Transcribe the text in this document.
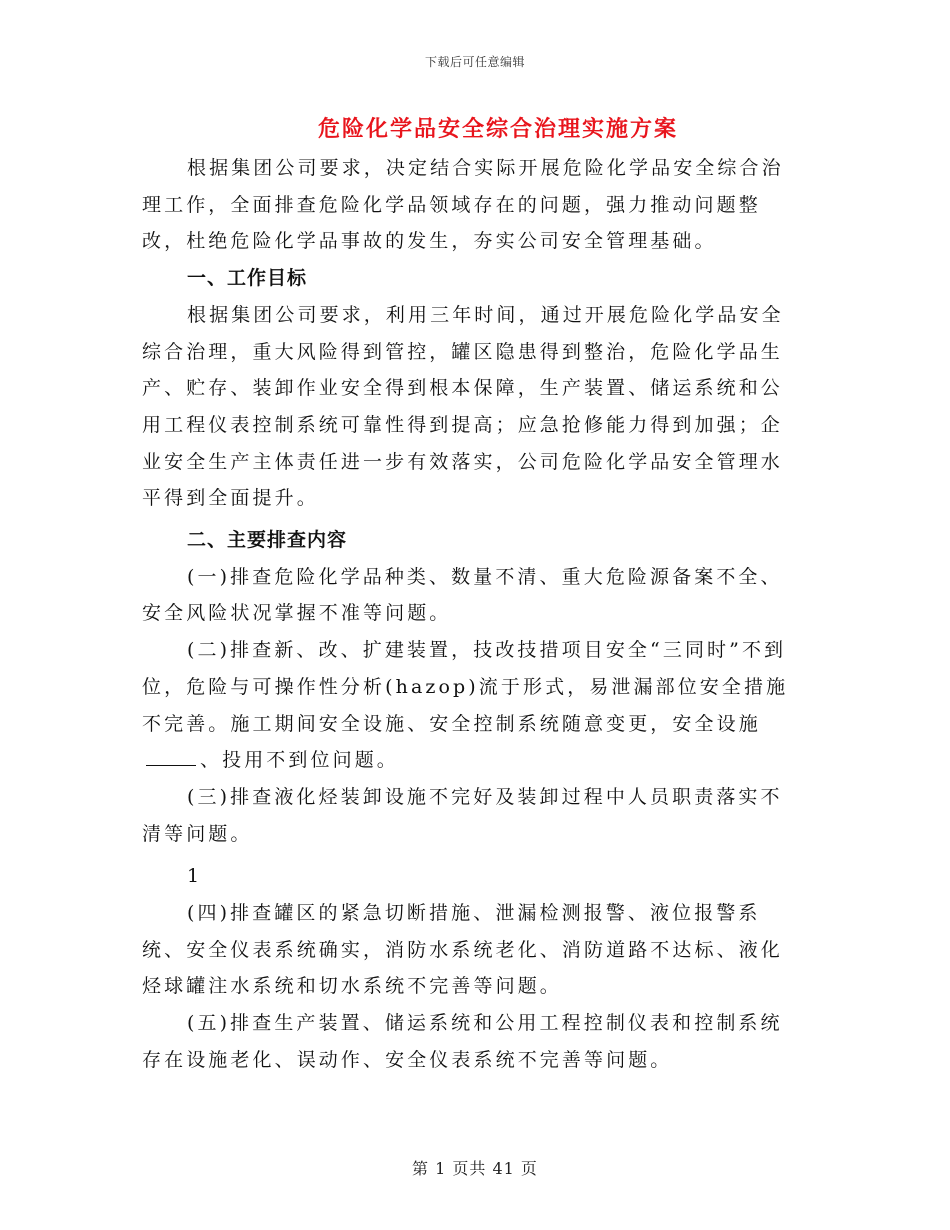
下载后可任意编辑
危险化学品安全综合治理实施方案

根据集团公司要求，决定结合实际开展危险化学品安全综合治理工作，全面排查危险化学品领域存在的问题，强力推动问题整改，杜绝危险化学品事故的发生，夯实公司安全管理基础。

一、工作目标

根据集团公司要求，利用三年时间，通过开展危险化学品安全综合治理，重大风险得到管控，罐区隐患得到整治，危险化学品生产、贮存、装卸作业安全得到根本保障，生产装置、储运系统和公用工程仪表控制系统可靠性得到提高；应急抢修能力得到加强；企业安全生产主体责任进一步有效落实，公司危险化学品安全管理水平得到全面提升。

二、主要排查内容

(一)排查危险化学品种类、数量不清、重大危险源备案不全、安全风险状况掌握不准等问题。

(二)排查新、改、扩建装置，技改技措项目安全“三同时”不到位，危险与可操作性分析(hazop)流于形式，易泄漏部位安全措施不完善。施工期间安全设施、安全控制系统随意变更，安全设施、投用不到位问题。

(三)排查液化烃装卸设施不完好及装卸过程中人员职责落实不清等问题。

1

(四)排查罐区的紧急切断措施、泄漏检测报警、液位报警系统、安全仪表系统确实，消防水系统老化、消防道路不达标、液化烃球罐注水系统和切水系统不完善等问题。

(五)排查生产装置、储运系统和公用工程控制仪表和控制系统存在设施老化、误动作、安全仪表系统不完善等问题。

第 1 页共 41 页
